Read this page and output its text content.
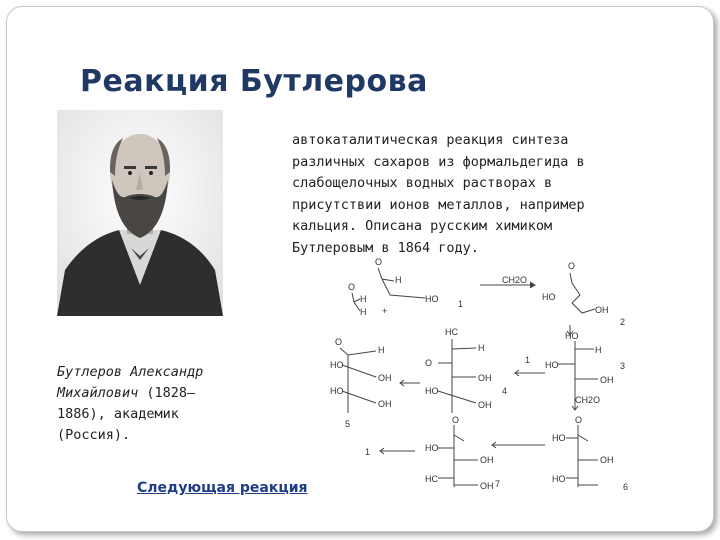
Реакция Бутлерова
Бутлеров Александр Михайлович (1828–1886), академик (Россия).
автокаталитическая реакция синтеза различных сахаров из формальдегида в слабощелочных водных растворах в присутствии ионов металлов, например кальция. Описана русским химиком Бутлеровым в 1864 году.
O
H
H +
O
H
HO 1
CH2O
O
HO
OH
2
O
H
HO
OH
HO
OH
5
HC
H
O
OH
HO
OH
4
1
HO
H
HO
OH
3
CH2O
1
O
HO
OH
HC
OH 7
O
HO
OH
HO
6
Следующая реакция
